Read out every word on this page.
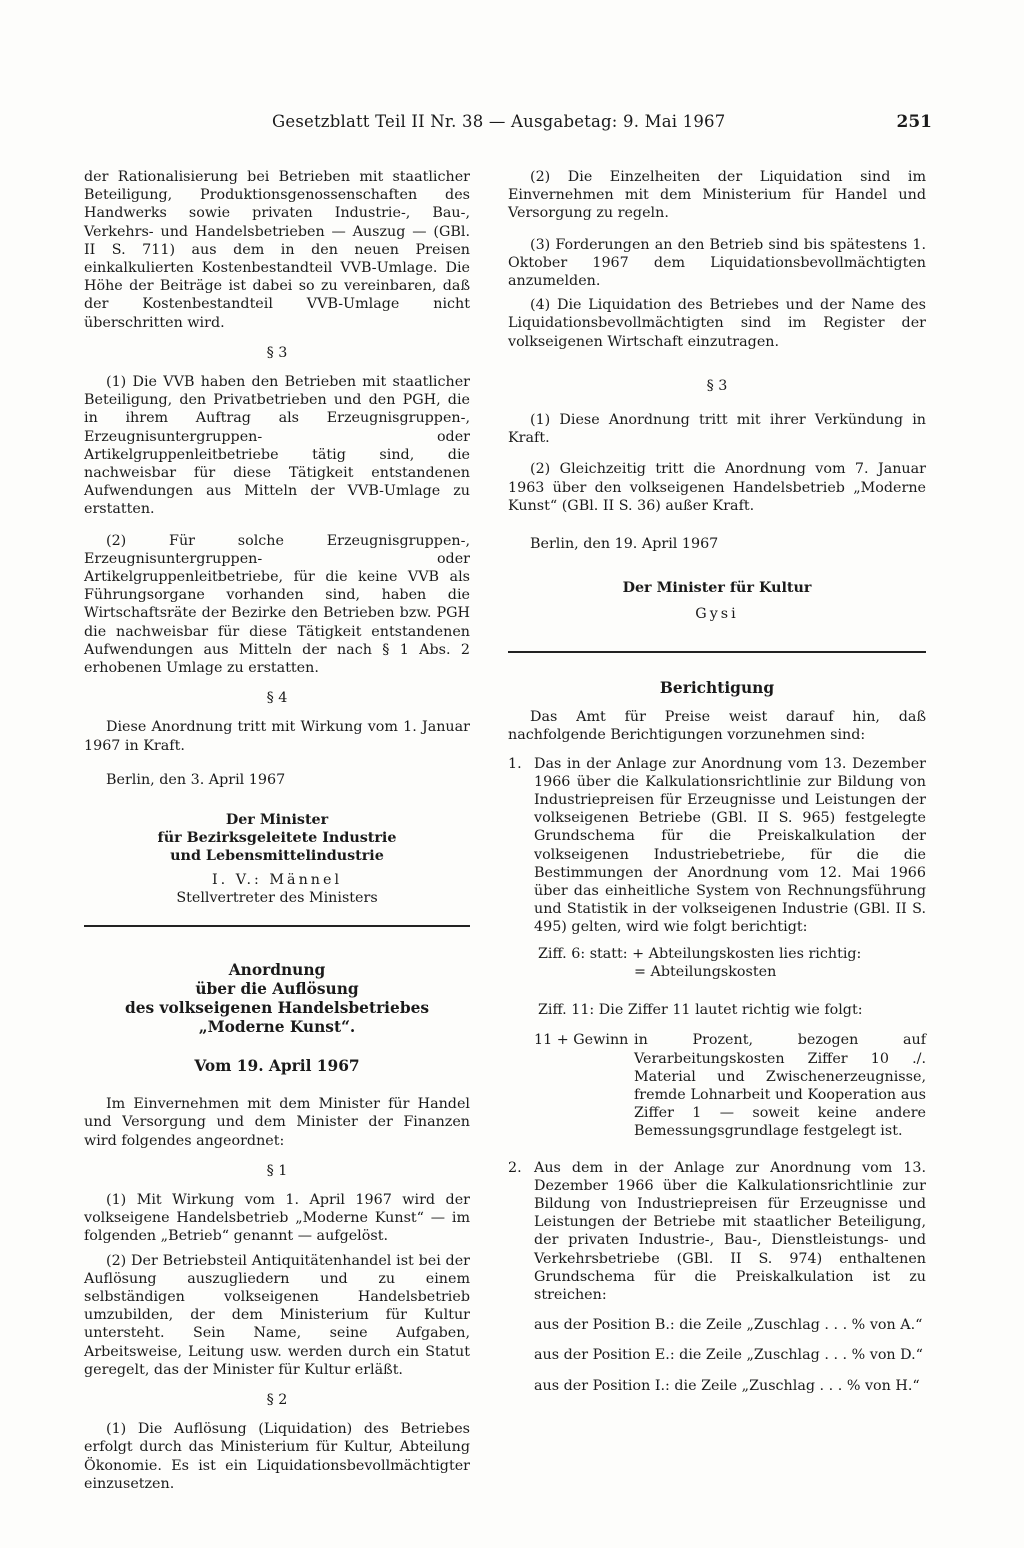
Gesetzblatt Teil II Nr. 38 — Ausgabetag: 9. Mai 1967	251

der Rationalisierung bei Betrieben mit staatlicher Beteiligung, Produktionsgenossenschaften des Handwerks sowie privaten Industrie-, Bau-, Verkehrs- und Handelsbetrieben — Auszug — (GBl. II S. 711) aus dem in den neuen Preisen einkalkulierten Kostenbestandteil VVB-Umlage. Die Höhe der Beiträge ist dabei so zu vereinbaren, daß der Kostenbestandteil VVB-Umlage nicht überschritten wird.

§ 3

(1) Die VVB haben den Betrieben mit staatlicher Beteiligung, den Privatbetrieben und den PGH, die in ihrem Auftrag als Erzeugnisgruppen-, Erzeugnisuntergruppen- oder Artikelgruppenleitbetriebe tätig sind, die nachweisbar für diese Tätigkeit entstandenen Aufwendungen aus Mitteln der VVB-Umlage zu erstatten.

(2) Für solche Erzeugnisgruppen-, Erzeugnisuntergruppen- oder Artikelgruppenleitbetriebe, für die keine VVB als Führungsorgane vorhanden sind, haben die Wirtschaftsräte der Bezirke den Betrieben bzw. PGH die nachweisbar für diese Tätigkeit entstandenen Aufwendungen aus Mitteln der nach § 1 Abs. 2 erhobenen Umlage zu erstatten.

§ 4

Diese Anordnung tritt mit Wirkung vom 1. Januar 1967 in Kraft.

Berlin, den 3. April 1967

Der Minister
für Bezirksgeleitete Industrie
und Lebensmittelindustrie
I. V.: Männel
Stellvertreter des Ministers
Anordnung
über die Auflösung
des volkseigenen Handelsbetriebes
„Moderne Kunst“.
Vom 19. April 1967

Im Einvernehmen mit dem Minister für Handel und Versorgung und dem Minister der Finanzen wird folgendes angeordnet:

§ 1

(1) Mit Wirkung vom 1. April 1967 wird der volkseigene Handelsbetrieb „Moderne Kunst“ — im folgenden „Betrieb“ genannt — aufgelöst.

(2) Der Betriebsteil Antiquitätenhandel ist bei der Auflösung auszugliedern und zu einem selbständigen volkseigenen Handelsbetrieb umzubilden, der dem Ministerium für Kultur untersteht. Sein Name, seine Aufgaben, Arbeitsweise, Leitung usw. werden durch ein Statut geregelt, das der Minister für Kultur erläßt.

§ 2

(1) Die Auflösung (Liquidation) des Betriebes erfolgt durch das Ministerium für Kultur, Abteilung Ökonomie. Es ist ein Liquidationsbevollmächtigter einzusetzen.

(2) Die Einzelheiten der Liquidation sind im Einvernehmen mit dem Ministerium für Handel und Versorgung zu regeln.

(3) Forderungen an den Betrieb sind bis spätestens 1. Oktober 1967 dem Liquidationsbevollmächtigten anzumelden.

(4) Die Liquidation des Betriebes und der Name des Liquidationsbevollmächtigten sind im Register der volkseigenen Wirtschaft einzutragen.

§ 3

(1) Diese Anordnung tritt mit ihrer Verkündung in Kraft.

(2) Gleichzeitig tritt die Anordnung vom 7. Januar 1963 über den volkseigenen Handelsbetrieb „Moderne Kunst“ (GBl. II S. 36) außer Kraft.

Berlin, den 19. April 1967

Der Minister für Kultur
Gysi
Berichtigung

Das Amt für Preise weist darauf hin, daß nachfolgende Berichtigungen vorzunehmen sind:

1. Das in der Anlage zur Anordnung vom 13. Dezember 1966 über die Kalkulationsrichtlinie zur Bildung von Industriepreisen für Erzeugnisse und Leistungen der volkseigenen Betriebe (GBl. II S. 965) festgelegte Grundschema für die Preiskalkulation der volkseigenen Industriebetriebe, für die die Bestimmungen der Anordnung vom 12. Mai 1966 über das einheitliche System von Rechnungsführung und Statistik in der volkseigenen Industrie (GBl. II S. 495) gelten, wird wie folgt berichtigt:

Ziff. 6: statt: + Abteilungskosten lies richtig:
= Abteilungskosten
Ziff. 11: Die Ziffer 11 lautet richtig wie folgt:
11 + Gewinn in Prozent, bezogen auf Verarbeitungskosten Ziffer 10 ./. Material und Zwischenerzeugnisse, fremde Lohnarbeit und Kooperation aus Ziffer 1 — soweit keine andere Bemessungsgrundlage festgelegt ist.

2. Aus dem in der Anlage zur Anordnung vom 13. Dezember 1966 über die Kalkulationsrichtlinie zur Bildung von Industriepreisen für Erzeugnisse und Leistungen der Betriebe mit staatlicher Beteiligung, der privaten Industrie-, Bau-, Dienstleistungs- und Verkehrsbetriebe (GBl. II S. 974) enthaltenen Grundschema für die Preiskalkulation ist zu streichen:

aus der Position B.: die Zeile „Zuschlag . . . % von A.“
aus der Position E.: die Zeile „Zuschlag . . . % von D.“
aus der Position I.: die Zeile „Zuschlag . . . % von H.“
